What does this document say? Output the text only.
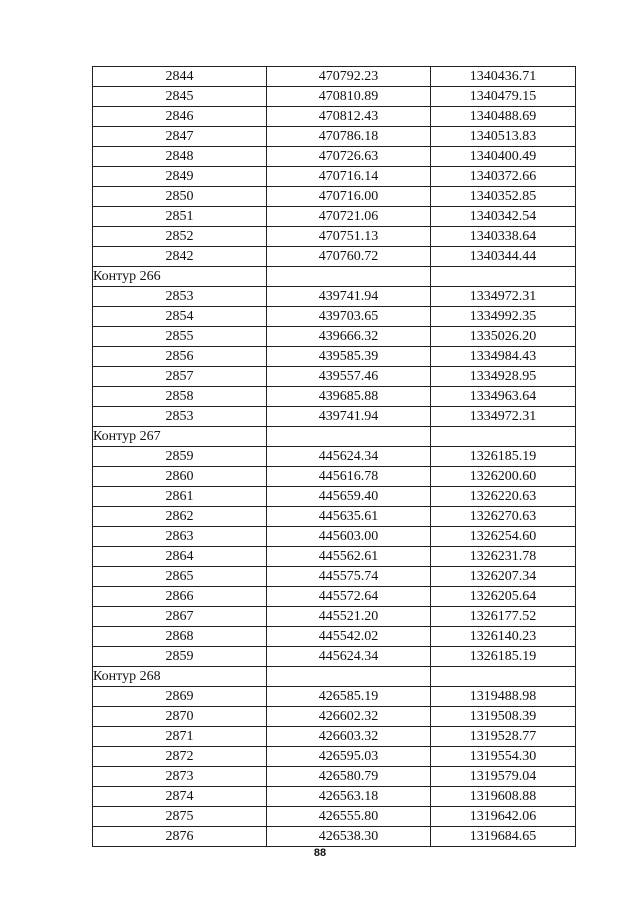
2844	470792.23	1340436.71
2845	470810.89	1340479.15
2846	470812.43	1340488.69
2847	470786.18	1340513.83
2848	470726.63	1340400.49
2849	470716.14	1340372.66
2850	470716.00	1340352.85
2851	470721.06	1340342.54
2852	470751.13	1340338.64
2842	470760.72	1340344.44
Контур 266		
2853	439741.94	1334972.31
2854	439703.65	1334992.35
2855	439666.32	1335026.20
2856	439585.39	1334984.43
2857	439557.46	1334928.95
2858	439685.88	1334963.64
2853	439741.94	1334972.31
Контур 267		
2859	445624.34	1326185.19
2860	445616.78	1326200.60
2861	445659.40	1326220.63
2862	445635.61	1326270.63
2863	445603.00	1326254.60
2864	445562.61	1326231.78
2865	445575.74	1326207.34
2866	445572.64	1326205.64
2867	445521.20	1326177.52
2868	445542.02	1326140.23
2859	445624.34	1326185.19
Контур 268		
2869	426585.19	1319488.98
2870	426602.32	1319508.39
2871	426603.32	1319528.77
2872	426595.03	1319554.30
2873	426580.79	1319579.04
2874	426563.18	1319608.88
2875	426555.80	1319642.06
2876	426538.30	1319684.65
88
